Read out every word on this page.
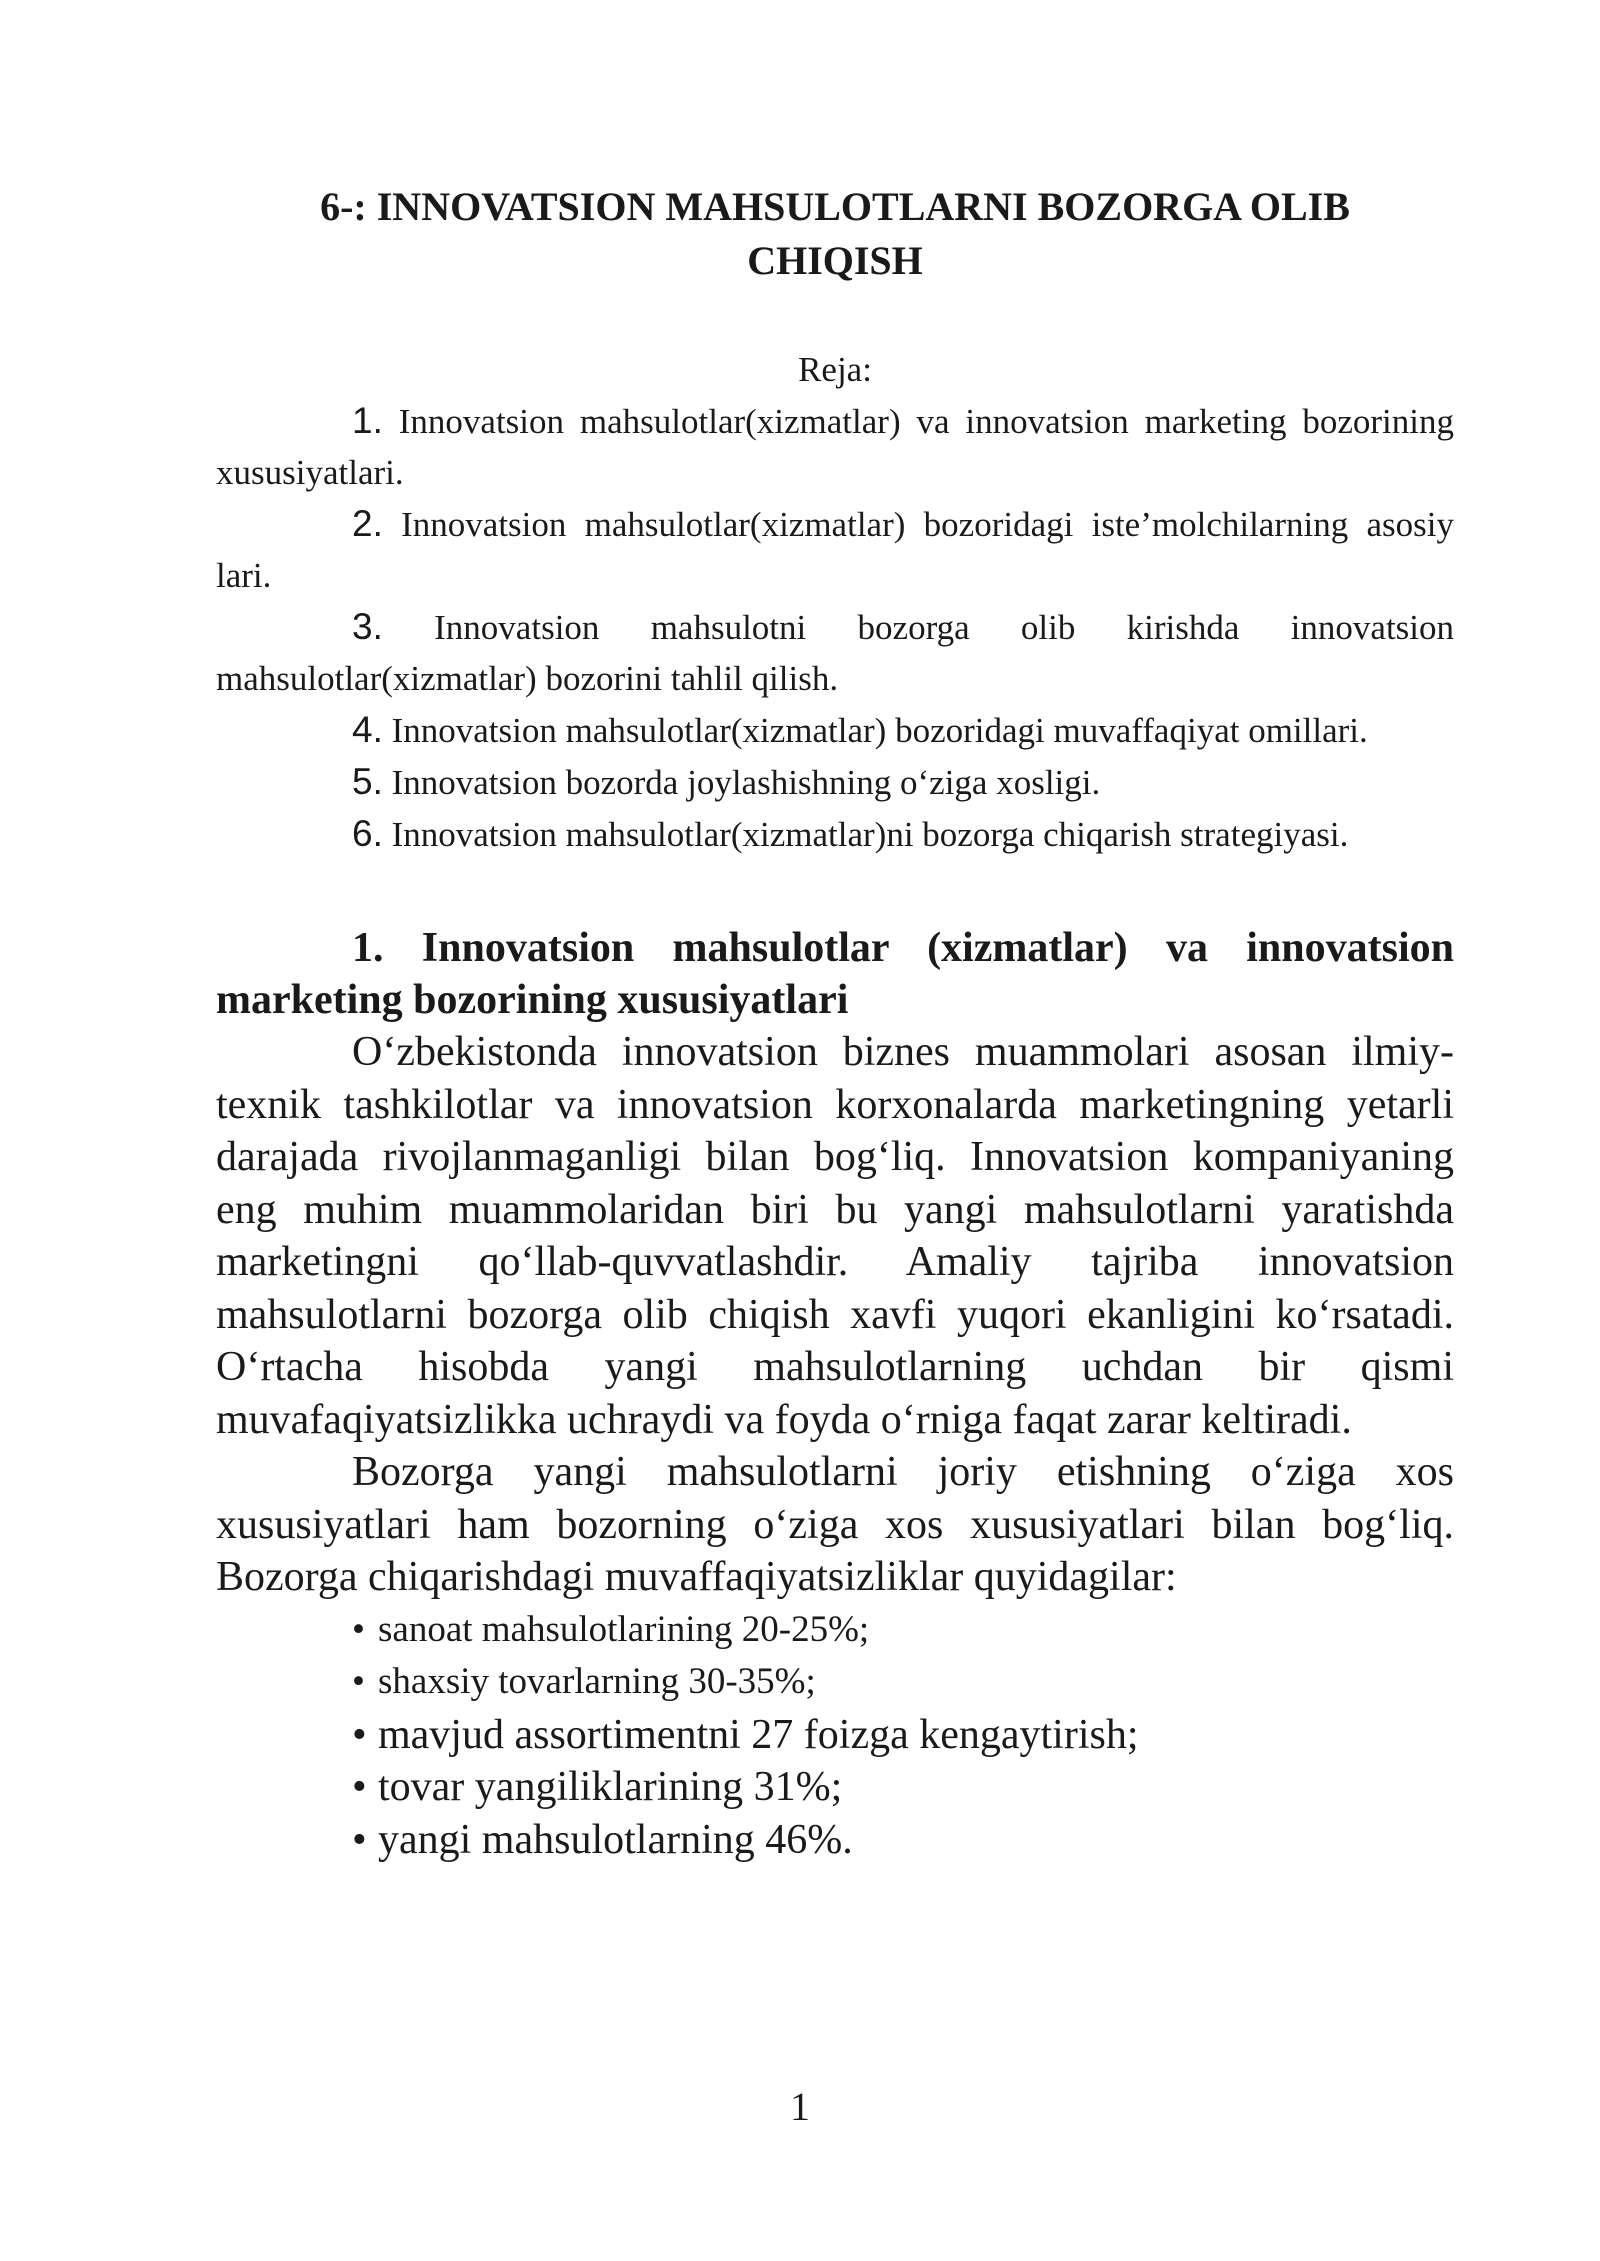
6-: INNOVATSION MAHSULOTLARNI BOZORGA OLIB
CHIQISH
Reja:
1. Innovatsion mahsulotlar(xizmatlar) va innovatsion marketing bozorining xususiyatlari.
2. Innovatsion mahsulotlar(xizmatlar) bozoridagi iste’molchilarning asosiy lari.
3. Innovatsion mahsulotni bozorga olib kirishda innovatsion mahsulotlar(xizmatlar) bozorini tahlil qilish.
4. Innovatsion mahsulotlar(xizmatlar) bozoridagi muvaffaqiyat omillari.
5. Innovatsion bozorda joylashishning o‘ziga xosligi.
6. Innovatsion mahsulotlar(xizmatlar)ni bozorga chiqarish strategiyasi.
1. Innovatsion mahsulotlar (xizmatlar) va innovatsion marketing bozorining xususiyatlari

O‘zbekistonda innovatsion biznes muammolari asosan ilmiy-texnik tashkilotlar va innovatsion korxonalarda marketingning yetarli darajada rivojlanmaganligi bilan bog‘liq. Innovatsion kompaniyaning eng muhim muammolaridan biri bu yangi mahsulotlarni yaratishda marketingni qo‘llab-quvvatlashdir. Amaliy tajriba innovatsion mahsulotlarni bozorga olib chiqish xavfi yuqori ekanligini ko‘rsatadi. O‘rtacha hisobda yangi mahsulotlarning uchdan bir qismi muvafaqiyatsizlikka uchraydi va foyda o‘rniga faqat zarar keltiradi.

Bozorga yangi mahsulotlarni joriy etishning o‘ziga xos xususiyatlari ham bozorning o‘ziga xos xususiyatlari bilan bog‘liq. Bozorga chiqarishdagi muvaffaqiyatsizliklar quyidagilar:

• sanoat mahsulotlarining 20-25%;
• shaxsiy tovarlarning 30-35%;
• mavjud assortimentni 27 foizga kengaytirish;
• tovar yangiliklarining 31%;
• yangi mahsulotlarning 46%.
1
